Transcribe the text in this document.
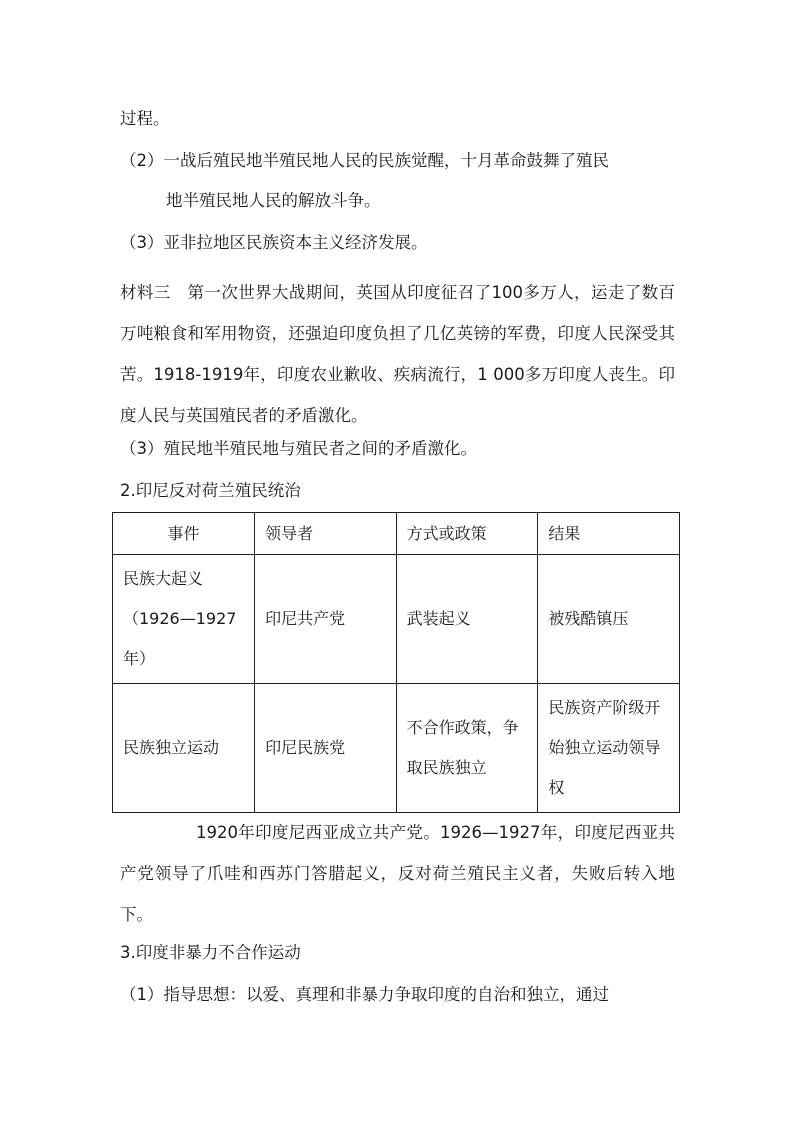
过程。
（2）一战后殖民地半殖民地人民的民族觉醒，十月革命鼓舞了殖民
地半殖民地人民的解放斗争。
（3）亚非拉地区民族资本主义经济发展。
材料三　第一次世界大战期间，英国从印度征召了100多万人，运走了数百万吨粮食和军用物资，还强迫印度负担了几亿英镑的军费，印度人民深受其苦。1918-1919年，印度农业歉收、疾病流行，1 000多万印度人丧生。印度人民与英国殖民者的矛盾激化。
（3）殖民地半殖民地与殖民者之间的矛盾激化。
2.印尼反对荷兰殖民统治
事件	领导者	方式或政策	结果
民族大起义（1926—1927年）	印尼共产党	武装起义	被残酷镇压
民族独立运动	印尼民族党	不合作政策，争取民族独立	民族资产阶级开始独立运动领导权
1920年印度尼西亚成立共产党。1926—1927年，印度尼西亚共产党领导了爪哇和西苏门答腊起义，反对荷兰殖民主义者，失败后转入地下。
3.印度非暴力不合作运动
（1）指导思想：以爱、真理和非暴力争取印度的自治和独立，通过
